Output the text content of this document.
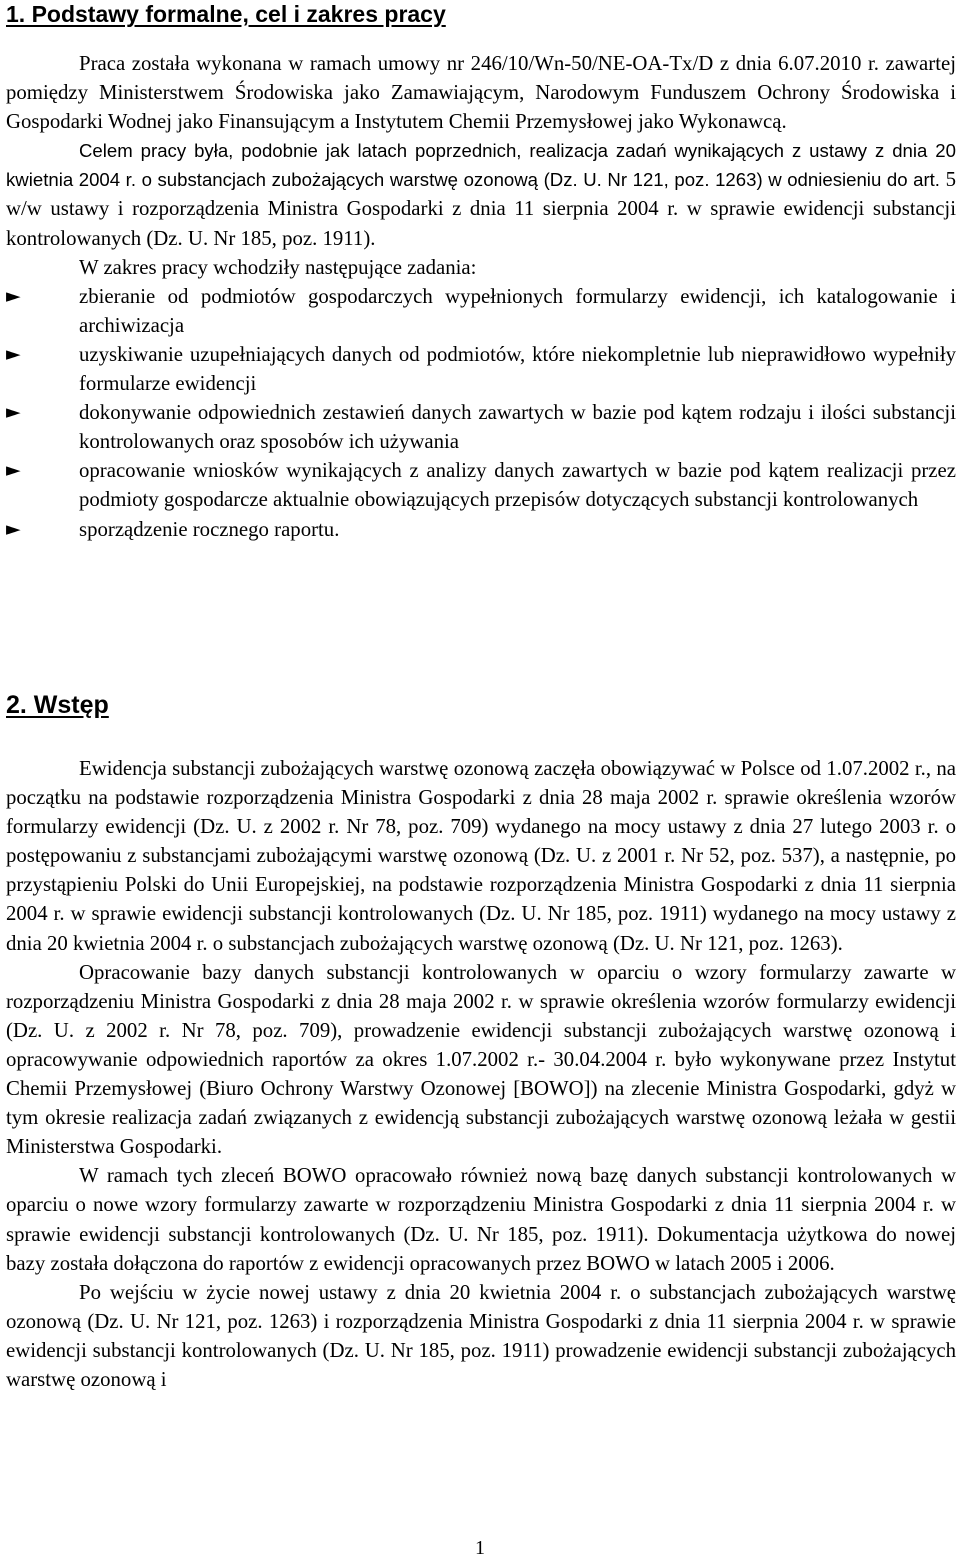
1. Podstawy formalne, cel i zakres pracy

Praca została wykonana w ramach umowy nr 246/10/Wn-50/NE-OA-Tx/D z dnia 6.07.2010 r. zawartej pomiędzy Ministerstwem Środowiska jako Zamawiającym, Narodowym Funduszem Ochrony Środowiska i Gospodarki Wodnej jako Finansującym a Instytutem Chemii Przemysłowej jako Wykonawcą.

Celem pracy była, podobnie jak latach poprzednich, realizacja zadań wynikających z ustawy z dnia 20 kwietnia 2004 r. o substancjach zubożających warstwę ozonową (Dz. U. Nr 121, poz. 1263) w odniesieniu do art. 5 w/w ustawy i rozporządzenia Ministra Gospodarki z dnia 11 sierpnia 2004 r. w sprawie ewidencji substancji kontrolowanych (Dz. U. Nr 185, poz. 1911).

W zakres pracy wchodziły następujące zadania:

►	zbieranie od podmiotów gospodarczych wypełnionych formularzy ewidencji, ich katalogowanie i archiwizacja
►	uzyskiwanie uzupełniających danych od podmiotów, które niekompletnie lub nieprawidłowo wypełniły formularze ewidencji
►	dokonywanie odpowiednich zestawień danych zawartych w bazie pod kątem rodzaju i ilości substancji kontrolowanych oraz sposobów ich używania
►	opracowanie wniosków wynikających z analizy danych zawartych w bazie pod kątem realizacji przez podmioty gospodarcze aktualnie obowiązujących przepisów dotyczących substancji kontrolowanych
►	sporządzenie rocznego raportu.
2. Wstęp

Ewidencja substancji zubożających warstwę ozonową zaczęła obowiązywać w Polsce od 1.07.2002 r., na początku na podstawie rozporządzenia Ministra Gospodarki z dnia 28 maja 2002 r. sprawie określenia wzorów formularzy ewidencji (Dz. U. z 2002 r. Nr 78, poz. 709) wydanego na mocy ustawy z dnia 27 lutego 2003 r. o postępowaniu z substancjami zubożającymi warstwę ozonową (Dz. U. z 2001 r. Nr 52, poz. 537), a następnie, po przystąpieniu Polski do Unii Europejskiej, na podstawie rozporządzenia Ministra Gospodarki z dnia 11 sierpnia 2004 r. w sprawie ewidencji substancji kontrolowanych (Dz. U. Nr 185, poz. 1911) wydanego na mocy ustawy z dnia 20 kwietnia 2004 r. o substancjach zubożających warstwę ozonową (Dz. U. Nr 121, poz. 1263).

Opracowanie bazy danych substancji kontrolowanych w oparciu o wzory formularzy zawarte w rozporządzeniu Ministra Gospodarki z dnia 28 maja 2002 r. w sprawie określenia wzorów formularzy ewidencji (Dz. U. z 2002 r. Nr 78, poz. 709), prowadzenie ewidencji substancji zubożających warstwę ozonową i opracowywanie odpowiednich raportów za okres 1.07.2002 r.- 30.04.2004 r. było wykonywane przez Instytut Chemii Przemysłowej (Biuro Ochrony Warstwy Ozonowej [BOWO]) na zlecenie Ministra Gospodarki, gdyż w tym okresie realizacja zadań związanych z ewidencją substancji zubożających warstwę ozonową leżała w gestii Ministerstwa Gospodarki.

W ramach tych zleceń BOWO opracowało również nową bazę danych substancji kontrolowanych w oparciu o nowe wzory formularzy zawarte w rozporządzeniu Ministra Gospodarki z dnia 11 sierpnia 2004 r. w sprawie ewidencji substancji kontrolowanych (Dz. U. Nr 185, poz. 1911). Dokumentacja użytkowa do nowej bazy została dołączona do raportów z ewidencji opracowanych przez BOWO w latach 2005 i 2006.

Po wejściu w życie nowej ustawy z dnia 20 kwietnia 2004 r. o substancjach zubożających warstwę ozonową (Dz. U. Nr 121, poz. 1263) i rozporządzenia Ministra Gospodarki z dnia 11 sierpnia 2004 r. w sprawie ewidencji substancji kontrolowanych (Dz. U. Nr 185, poz. 1911) prowadzenie ewidencji substancji zubożających warstwę ozonową i

1
